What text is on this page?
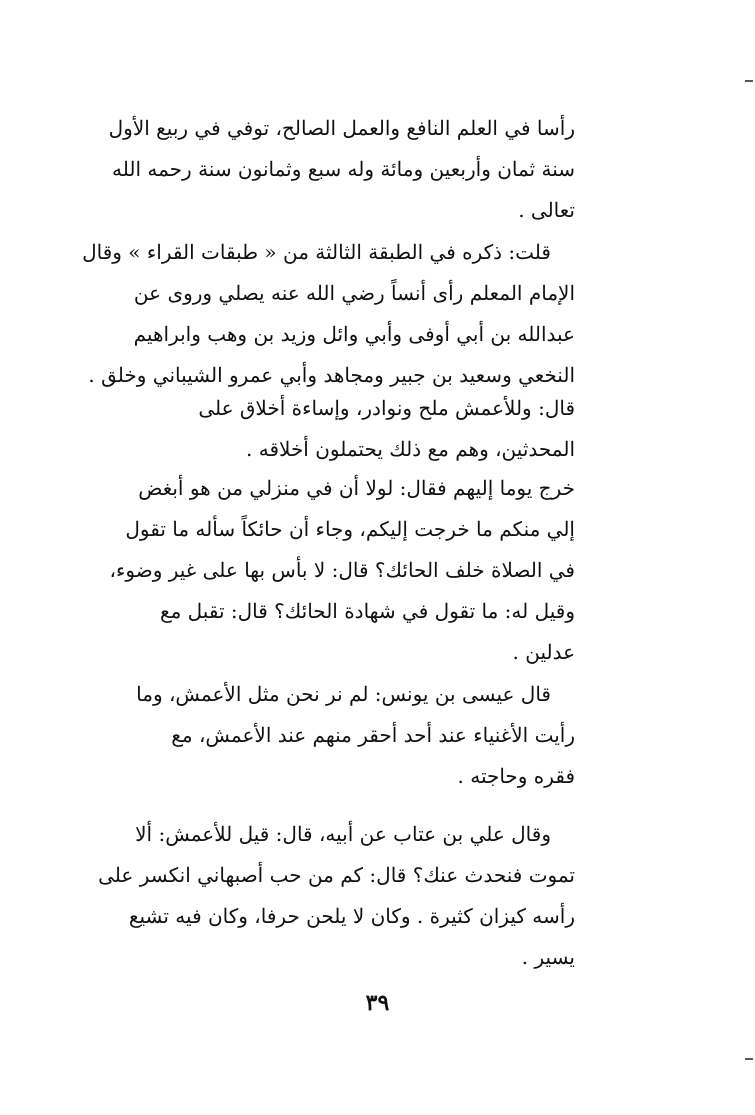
رأسا في العلم النافع والعمل الصالح، توفي في ربيع الأول
سنة ثمان وأربعين ومائة وله سبع وثمانون سنة رحمه الله
تعالى .
قلت: ذكره في الطبقة الثالثة من « طبقات القراء » وقال
الإمام المعلم رأى أنساً رضي الله عنه يصلي وروى عن
عبدالله بن أبي أوفى وأبي وائل وزيد بن وهب وابراهيم
النخعي وسعيد بن جبير ومجاهد وأبي عمرو الشيباني وخلق .
قال: وللأعمش ملح ونوادر، وإساءة أخلاق على
المحدثين، وهم مع ذلك يحتملون أخلاقه .
خرج يوما إليهم فقال: لولا أن في منزلي من هو أبغض
إلي منكم ما خرجت إليكم، وجاء أن حائكاً سأله ما تقول
في الصلاة خلف الحائك؟ قال: لا بأس بها على غير وضوء،
وقيل له: ما تقول في شهادة الحائك؟ قال: تقبل مع
عدلين .
قال عيسى بن يونس: لم نر نحن مثل الأعمش، وما
رأيت الأغنياء عند أحد أحقر منهم عند الأعمش، مع
فقره وحاجته .
وقال علي بن عتاب عن أبيه، قال: قيل للأعمش: ألا
تموت فنحدث عنك؟ قال: كم من حب أصبهاني انكسر على
رأسه كيزان كثيرة . وكان لا يلحن حرفا، وكان فيه تشيع
يسير .
٣٩
